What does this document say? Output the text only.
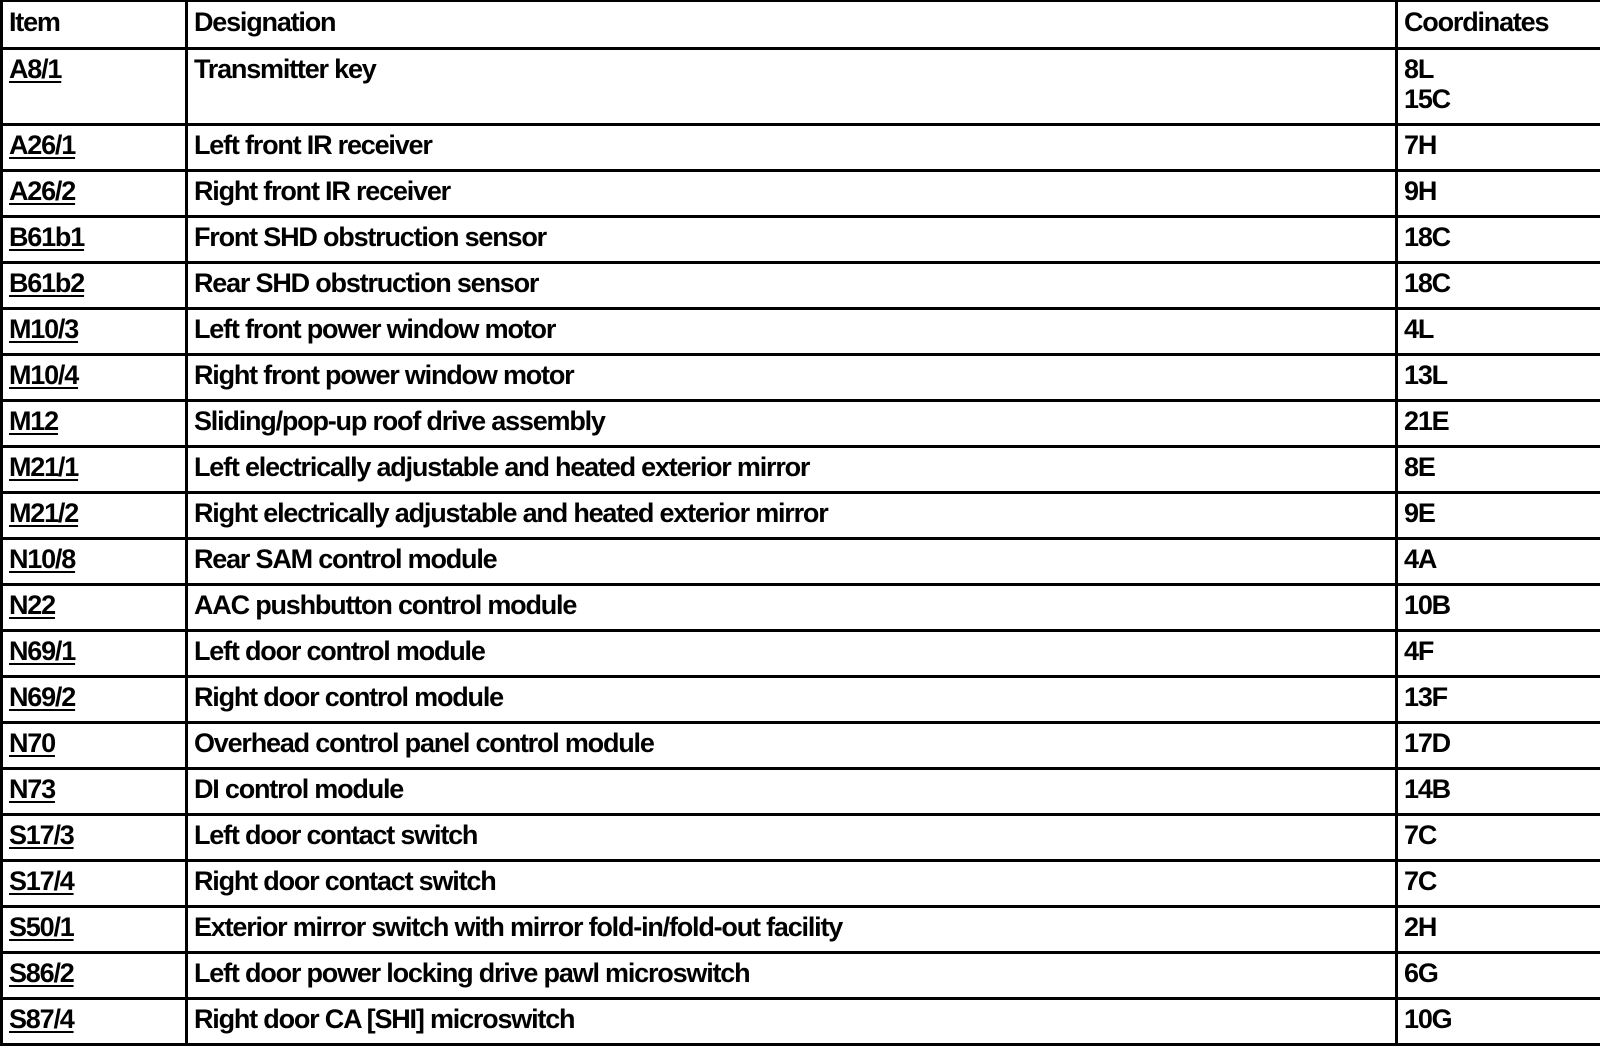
Item	Designation	Coordinates
A8/1	Transmitter key	8L
15C

A26/1	Left front IR receiver	7H

A26/2	Right front IR receiver	9H

B61b1	Front SHD obstruction sensor	18C

B61b2	Rear SHD obstruction sensor	18C

M10/3	Left front power window motor	4L

M10/4	Right front power window motor	13L

M12	Sliding/pop-up roof drive assembly	21E

M21/1	Left electrically adjustable and heated exterior mirror	8E

M21/2	Right electrically adjustable and heated exterior mirror	9E

N10/8	Rear SAM control module	4A

N22	AAC pushbutton control module	10B

N69/1	Left door control module	4F

N69/2	Right door control module	13F

N70	Overhead control panel control module	17D

N73	DI control module	14B

S17/3	Left door contact switch	7C

S17/4	Right door contact switch	7C

S50/1	Exterior mirror switch with mirror fold-in/fold-out facility	2H

S86/2	Left door power locking drive pawl microswitch	6G

S87/4	Right door CA [SHI] microswitch	10G
